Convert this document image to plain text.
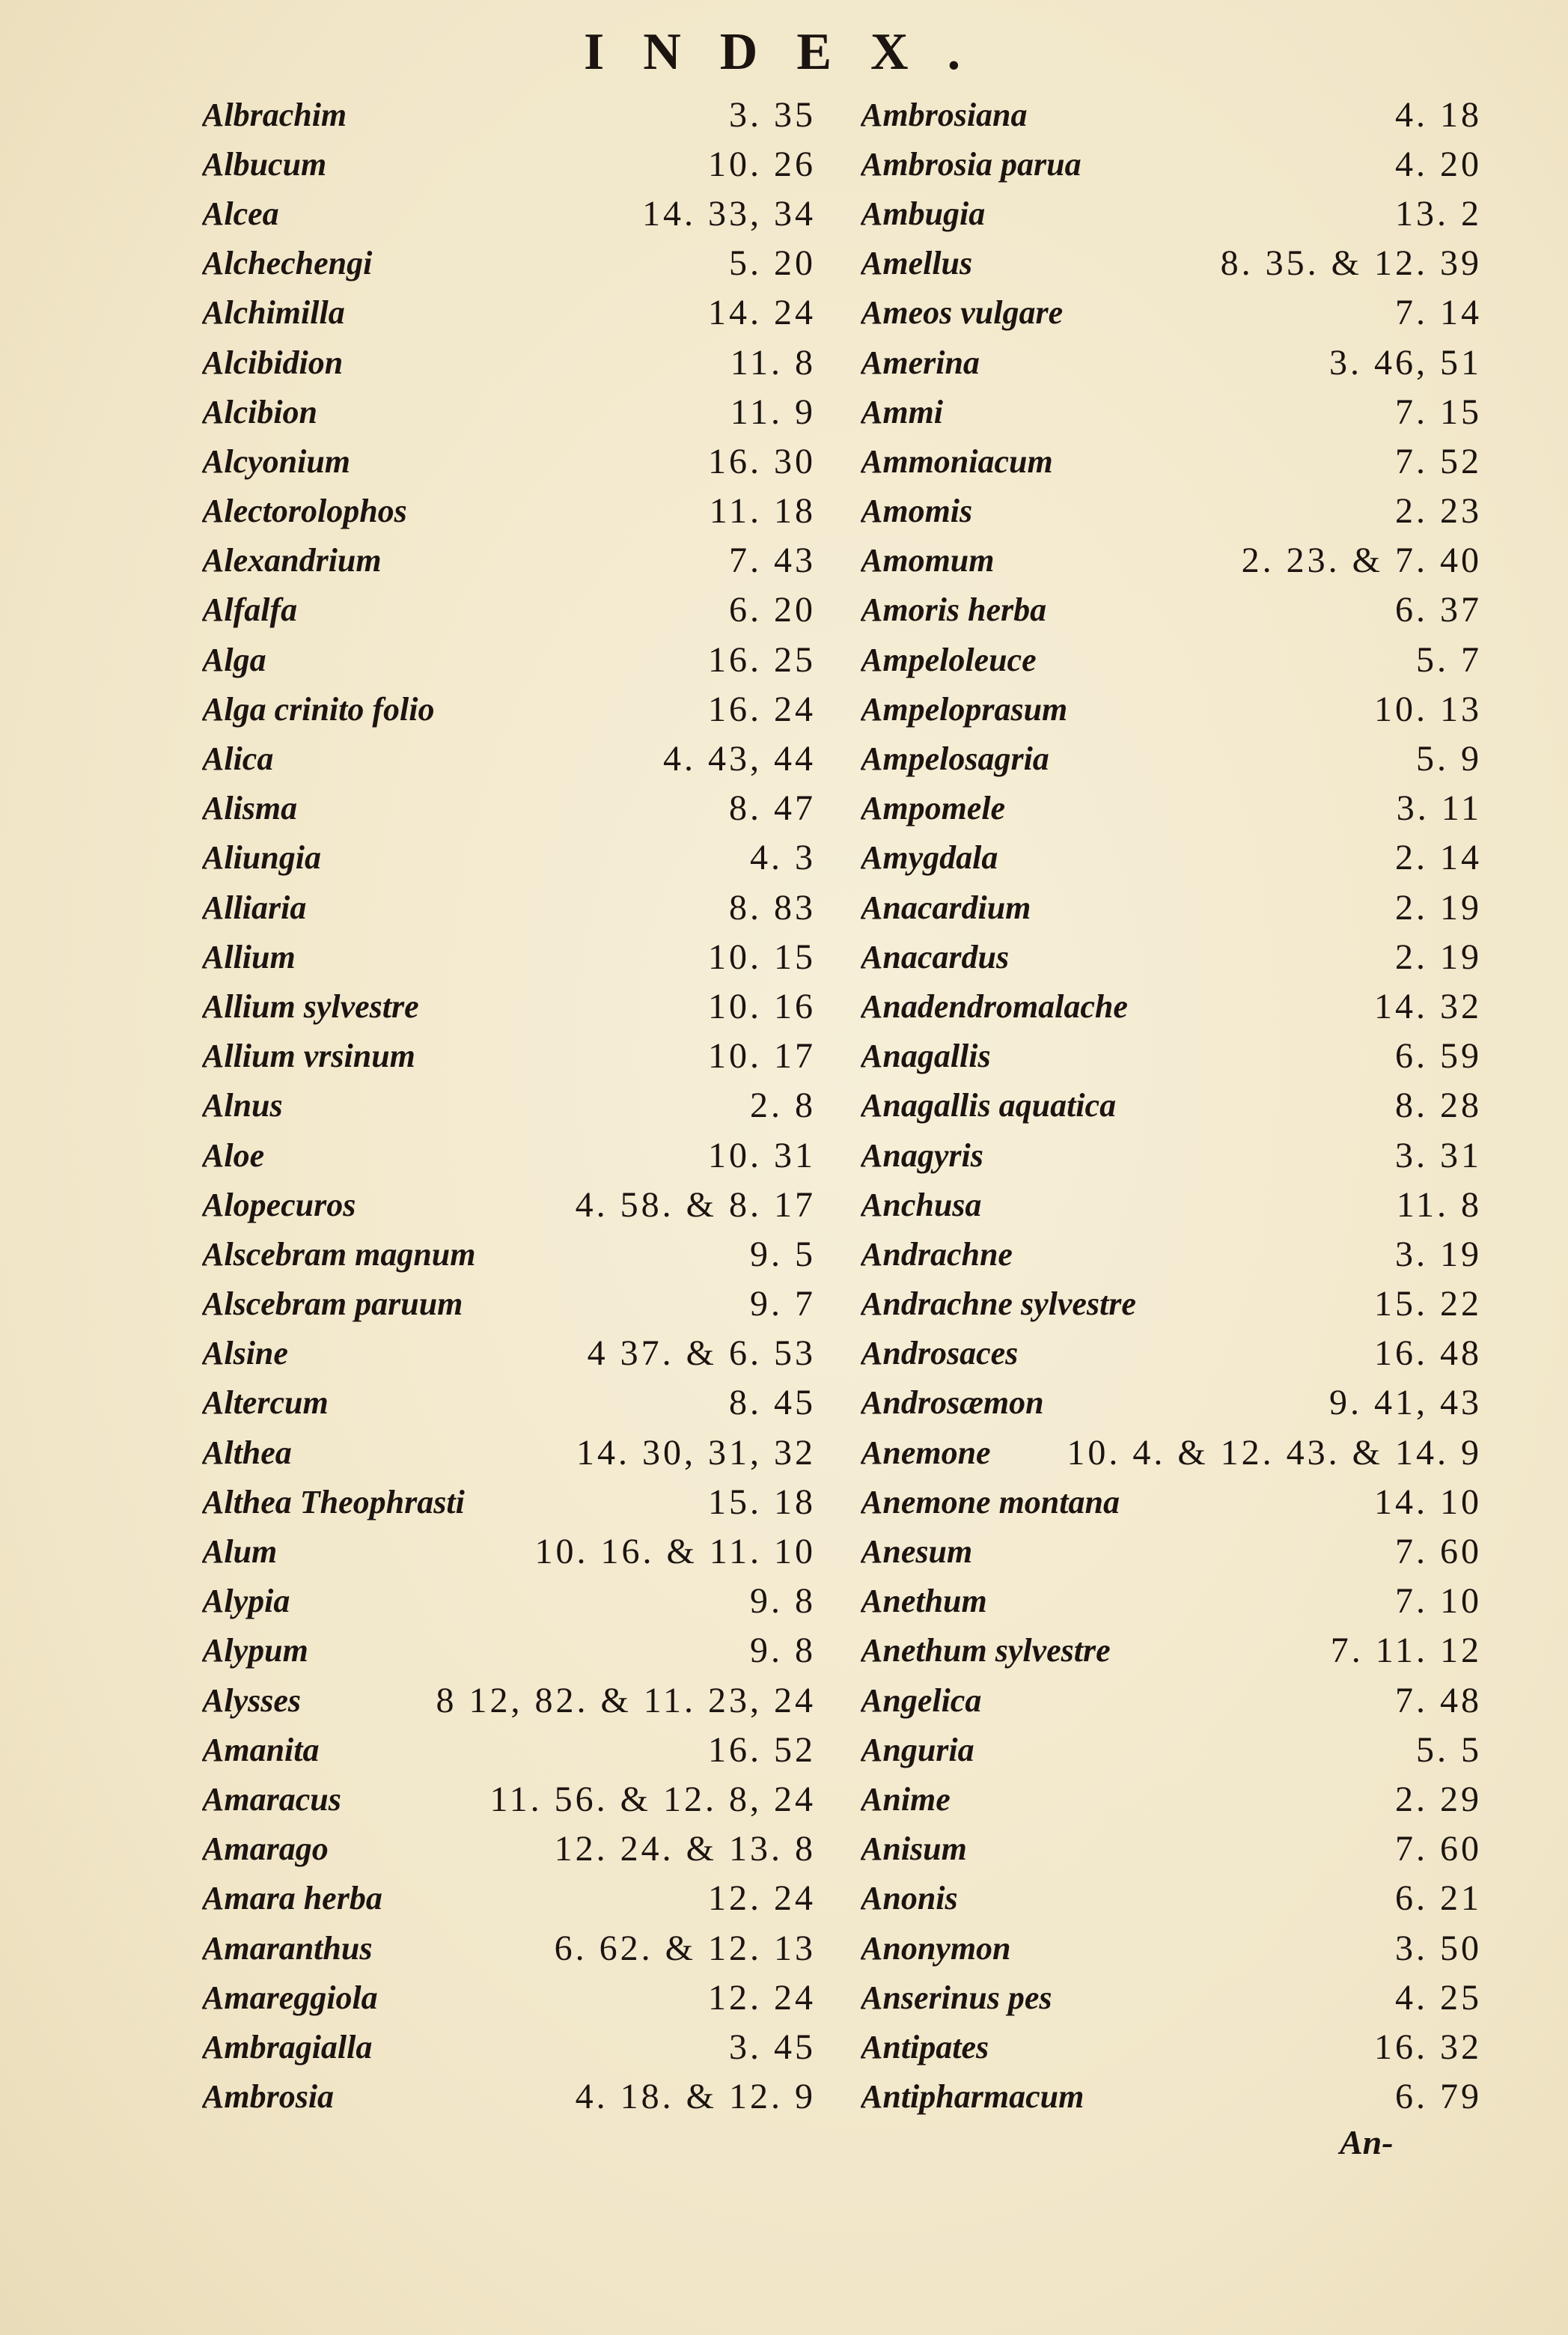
INDEX.
Albrachim	3. 35
Albucum	10. 26
Alcea	14. 33, 34
Alchechengi	5. 20
Alchimilla	14. 24
Alcibidion	11. 8
Alcibion	11. 9
Alcyonium	16. 30
Alectorolophos	11. 18
Alexandrium	7. 43
Alfalfa	6. 20
Alga	16. 25
Alga crinito folio	16. 24
Alica	4. 43, 44
Alisma	8. 47
Aliungia	4. 3
Alliaria	8. 83
Allium	10. 15
Allium sylvestre	10. 16
Allium vrsinum	10. 17
Alnus	2. 8
Aloe	10. 31
Alopecuros	4. 58. & 8. 17
Alscebram magnum	9. 5
Alscebram paruum	9. 7
Alsine	4 37. & 6. 53
Altercum	8. 45
Althea	14. 30, 31, 32
Althea Theophrasti	15. 18
Alum	10. 16. & 11. 10
Alypia	9. 8
Alypum	9. 8
Alysses	8 12, 82. & 11. 23, 24
Amanita	16. 52
Amaracus	11. 56. & 12. 8, 24
Amarago	12. 24. & 13. 8
Amara herba	12. 24
Amaranthus	6. 62. & 12. 13
Amareggiola	12. 24
Ambragialla	3. 45
Ambrosia	4. 18. & 12. 9
Ambrosiana	4. 18
Ambrosia parua	4. 20
Ambugia	13. 2
Amellus	8. 35. & 12. 39
Ameos vulgare	7. 14
Amerina	3. 46, 51
Ammi	7. 15
Ammoniacum	7. 52
Amomis	2. 23
Amomum	2. 23. & 7. 40
Amoris herba	6. 37
Ampeloleuce	5. 7
Ampeloprasum	10. 13
Ampelosagria	5. 9
Ampomele	3. 11
Amygdala	2. 14
Anacardium	2. 19
Anacardus	2. 19
Anadendromalache	14. 32
Anagallis	6. 59
Anagallis aquatica	8. 28
Anagyris	3. 31
Anchusa	11. 8
Andrachne	3. 19
Andrachne sylvestre	15. 22
Androsaces	16. 48
Androsæmon	9. 41, 43
Anemone	10. 4. & 12. 43. & 14. 9
Anemone montana	14. 10
Anesum	7. 60
Anethum	7. 10
Anethum sylvestre	7. 11. 12
Angelica	7. 48
Anguria	5. 5
Anime	2. 29
Anisum	7. 60
Anonis	6. 21
Anonymon	3. 50
Anserinus pes	4. 25
Antipates	16. 32
Antipharmacum	6. 79
An-
